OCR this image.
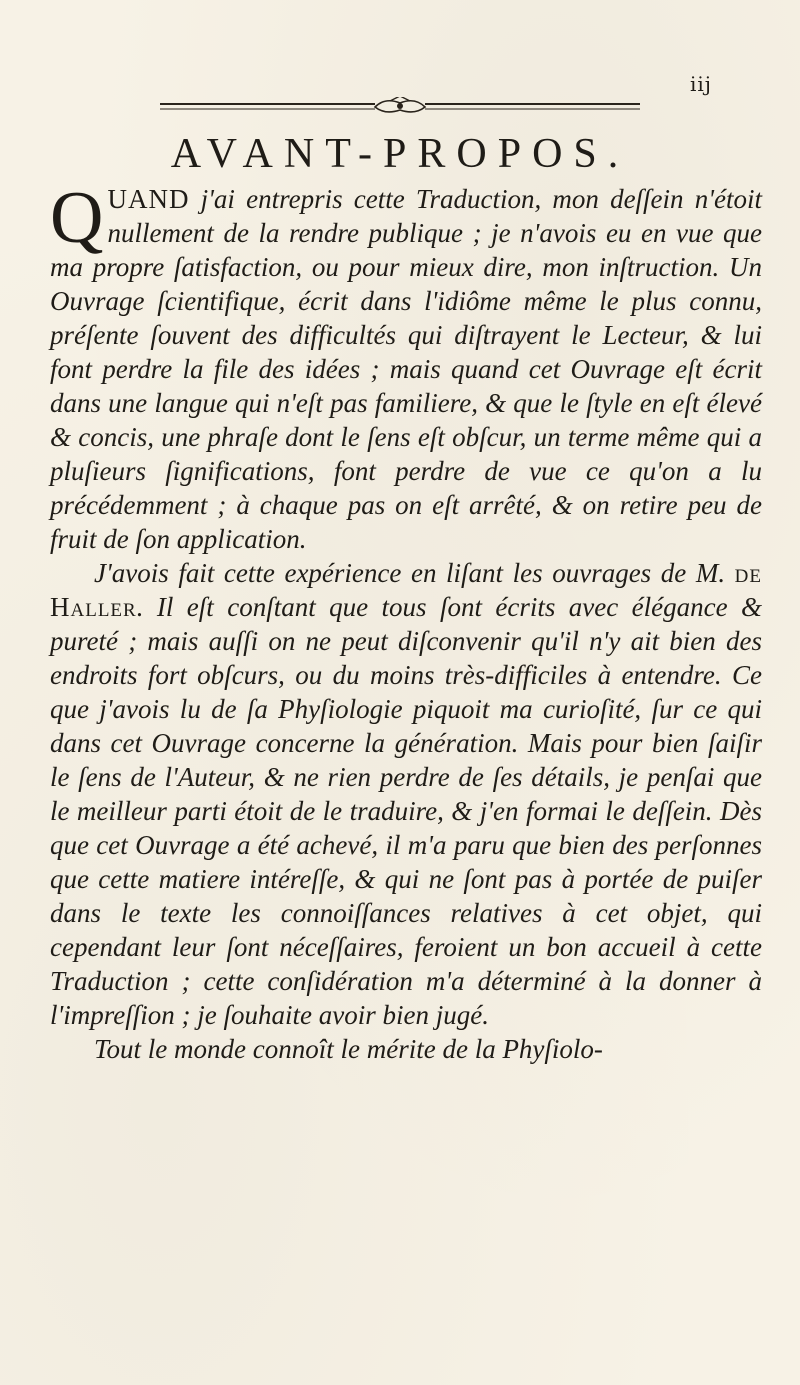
iij
AVANT-PROPOS.

QUAND j'ai entrepris cette Traduction, mon deſſein n'étoit nullement de la rendre publique ; je n'avois eu en vue que ma propre ſatisfaction, ou pour mieux dire, mon inſtruction. Un Ouvrage ſcientifique, écrit dans l'idiôme même le plus connu, préſente ſouvent des difficultés qui diſtrayent le Lecteur, & lui font perdre la file des idées ; mais quand cet Ouvrage eſt écrit dans une langue qui n'eſt pas familiere, & que le ſtyle en eſt élevé & concis, une phraſe dont le ſens eſt obſcur, un terme même qui a pluſieurs ſignifications, font perdre de vue ce qu'on a lu précédemment ; à chaque pas on eſt arrêté, & on retire peu de fruit de ſon application.

J'avois fait cette expérience en liſant les ouvrages de M. de Haller. Il eſt conſtant que tous ſont écrits avec élégance & pureté ; mais auſſi on ne peut diſconvenir qu'il n'y ait bien des endroits fort obſcurs, ou du moins très-difficiles à entendre. Ce que j'avois lu de ſa Phyſiologie piquoit ma curioſité, ſur ce qui dans cet Ouvrage concerne la génération. Mais pour bien ſaiſir le ſens de l'Auteur, & ne rien perdre de ſes détails, je penſai que le meilleur parti étoit de le traduire, & j'en formai le deſſein. Dès que cet Ouvrage a été achevé, il m'a paru que bien des perſonnes que cette matiere intéreſſe, & qui ne ſont pas à portée de puiſer dans le texte les connoiſſances relatives à cet objet, qui cependant leur ſont néceſſaires, feroient un bon accueil à cette Traduction ; cette conſidération m'a déterminé à la donner à l'impreſſion ; je ſouhaite avoir bien jugé.

Tout le monde connoît le mérite de la Phyſiolo-
